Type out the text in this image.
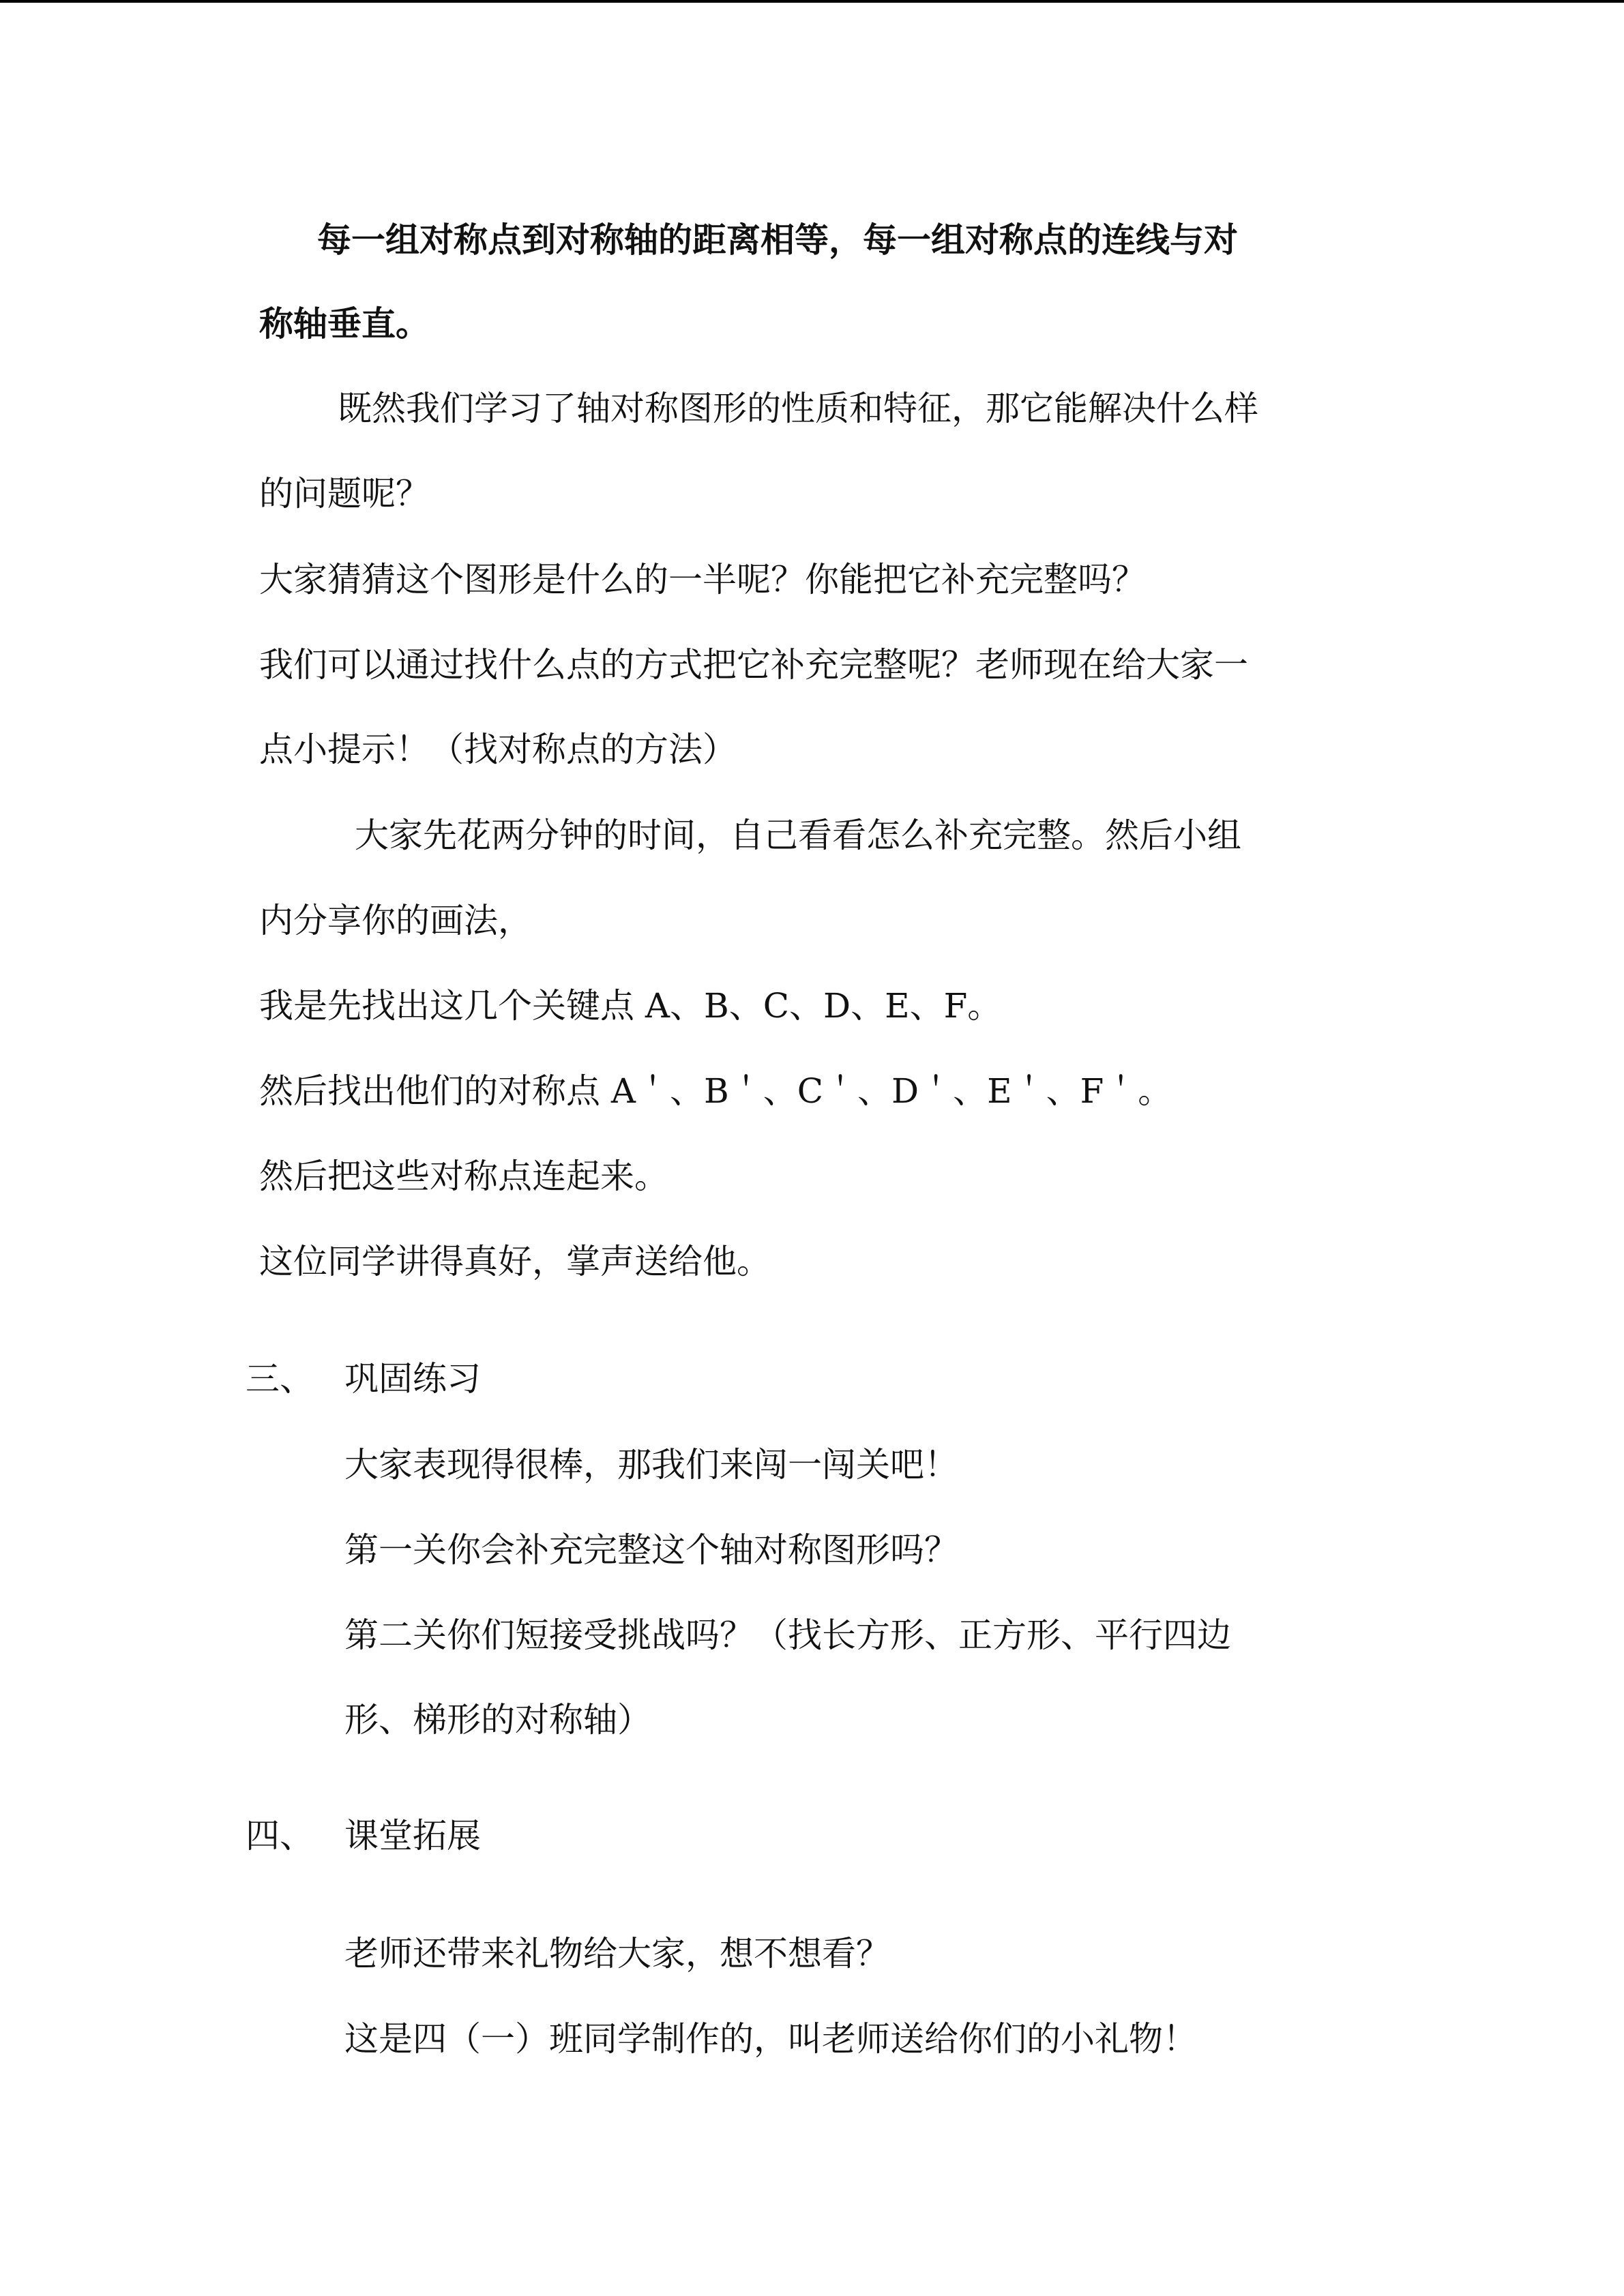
每一组对称点到对称轴的距离相等，每一组对称点的连线与对
称轴垂直。
既然我们学习了轴对称图形的性质和特征，那它能解决什么样
的问题呢？
大家猜猜这个图形是什么的一半呢？你能把它补充完整吗？
我们可以通过找什么点的方式把它补充完整呢？老师现在给大家一
点小提示！（找对称点的方法）
大家先花两分钟的时间，自己看看怎么补充完整。然后小组
内分享你的画法，
我是先找出这几个关键点 A、B、C、D、E、F。
然后找出他们的对称点 A＇、B＇、C＇、D＇、E＇、F＇。
然后把这些对称点连起来。
这位同学讲得真好，掌声送给他。
三、 巩固练习
大家表现得很棒，那我们来闯一闯关吧！
第一关你会补充完整这个轴对称图形吗？
第二关你们短接受挑战吗？（找长方形、正方形、平行四边
形、梯形的对称轴）
四、 课堂拓展
老师还带来礼物给大家，想不想看？
这是四（一）班同学制作的，叫老师送给你们的小礼物！
